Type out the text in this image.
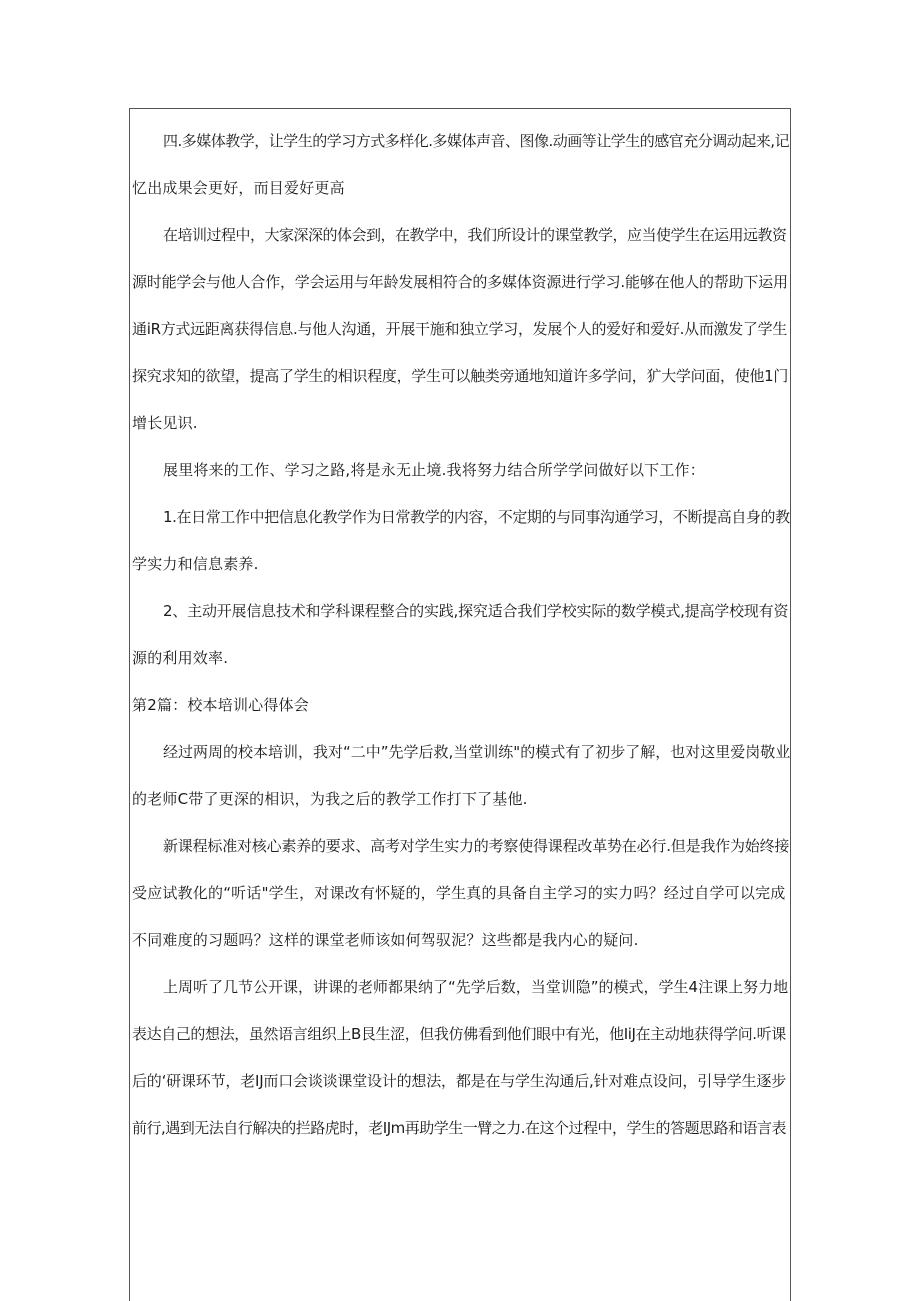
四.多媒体教学，让学生的学习方式多样化.多媒体声音、图像.动画等让学生的感官充分调动起来,记
忆出成果会更好，而目爱好更高
在培训过程中，大家深深的体会到，在教学中，我们所设计的课堂教学，应当使学生在运用远教资
源时能学会与他人合作，学会运用与年龄发展相符合的多媒体资源进行学习.能够在他人的帮助下运用
通iR方式远距离获得信息.与他人沟通，开展干施和独立学习，发展个人的爱好和爱好.从而激发了学生
探究求知的欲望，提高了学生的相识程度，学生可以触类旁通地知道许多学问，犷大学问面，使他1门
增长见识.
展里将来的工作、学习之路,将是永无止境.我将努力结合所学学问做好以下工作：
1.在日常工作中把信息化教学作为日常教学的内容，不定期的与同事沟通学习，不断提高自身的教
学实力和信息素养.
2、主动开展信息技术和学科课程整合的实践,探究适合我们学校实际的数学模式,提高学校现有资
源的利用效率.
第2篇：校本培训心得体会
经过两周的校本培训，我对“二中”先学后救,当堂训练"的模式有了初步了解，也对这里爱岗敬业
的老师C带了更深的相识，为我之后的教学工作打下了基他.
新课程标准对核心素养的要求、高考对学生实力的考察使得课程改革势在必行.但是我作为始终接
受应试教化的“听话"学生，对课改有怀疑的，学生真的具备自主学习的实力吗？经过自学可以完成
不同难度的习题吗？这样的课堂老师该如何驾驭泥？这些都是我内心的疑问.
上周听了几节公开课，讲课的老师都果纳了“先学后数，当堂训隐”的模式，学生4注课上努力地
表达自己的想法，虽然语言组织上B艮生涩，但我仿佛看到他们眼中有光，他IiJ在主动地获得学问.听课
后的‘研课环节，老IJ而口会谈谈课堂设计的想法，都是在与学生沟通后,针对难点设问，引导学生逐步
前行,遇到无法自行解决的拦路虎时，老IJm再助学生一臂之力.在这个过程中，学生的答题思路和语言表
